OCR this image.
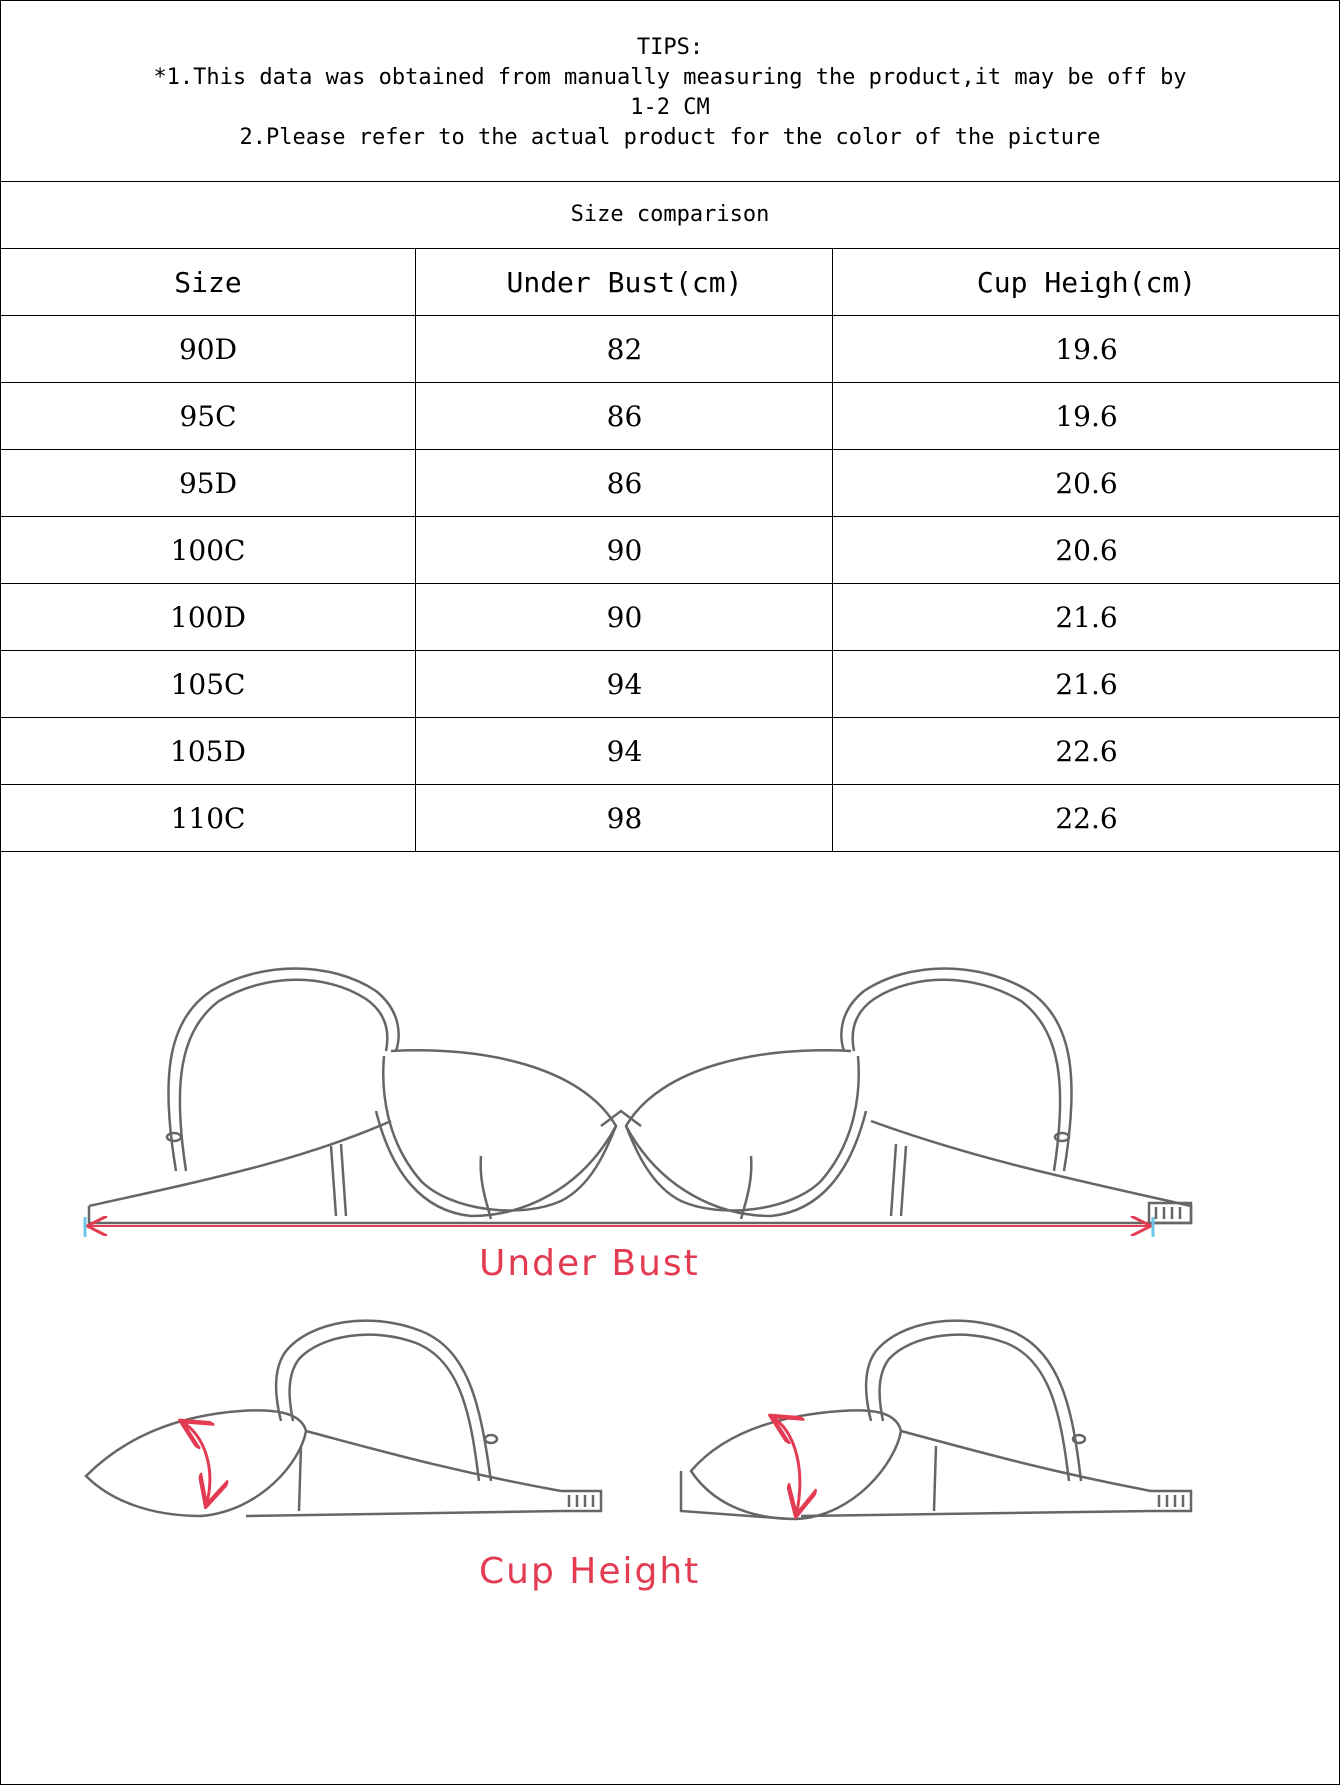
TIPS:
*1.This data was obtained from manually measuring the product,it may be off by
1-2 CM
2.Please refer to the actual product for the color of the picture
Size comparison
Size	Under Bust(cm)	Cup Heigh(cm)
90D	82	19.6
95C	86	19.6
95D	86	20.6
100C	90	20.6
100D	90	21.6
105C	94	21.6
105D	94	22.6
110C	98	22.6
Under Bust
Cup Height
